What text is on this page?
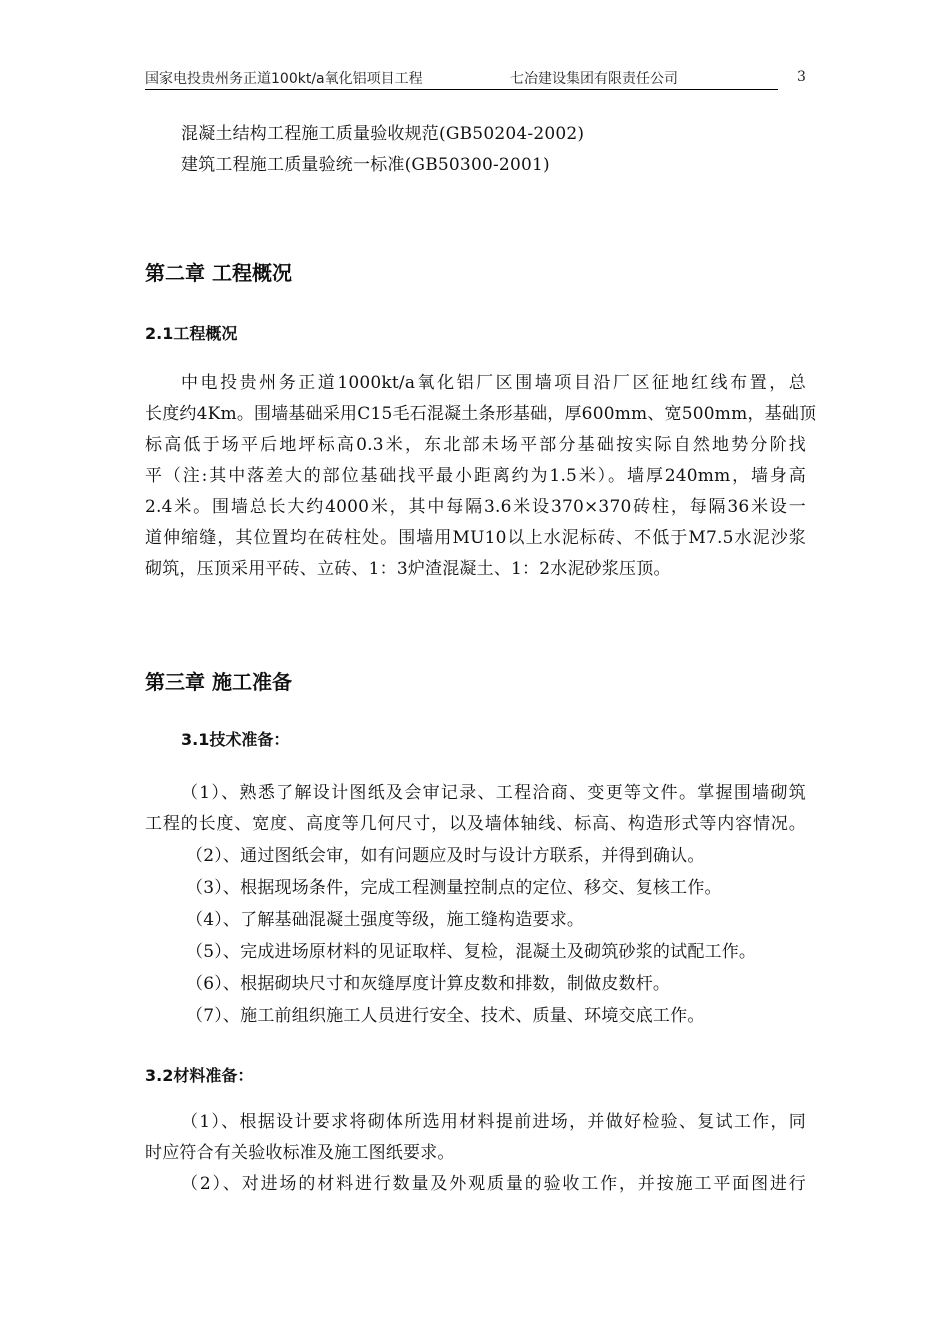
国家电投贵州务正道100kt/a氧化铝项目工程	七冶建设集团有限责任公司	3
混凝土结构工程施工质量验收规范(GB50204-2002)
建筑工程施工质量验统一标准(GB50300-2001)
第二章 工程概况
2.1工程概况
中电投贵州务正道1000kt/a氧化铝厂区围墙项目沿厂区征地红线布置，总
长度约4Km。围墙基础采用C15毛石混凝土条形基础，厚600mm、宽500mm，基础顶
标高低于场平后地坪标高0.3米，东北部未场平部分基础按实际自然地势分阶找
平（注:其中落差大的部位基础找平最小距离约为1.5米）。墙厚240mm，墙身高
2.4米。围墙总长大约4000米，其中每隔3.6米设370×370砖柱，每隔36米设一
道伸缩缝，其位置均在砖柱处。围墙用MU10以上水泥标砖、不低于M7.5水泥沙浆
砌筑，压顶采用平砖、立砖、1：3炉渣混凝土、1：2水泥砂浆压顶。
第三章 施工准备
3.1技术准备：
（1）、熟悉了解设计图纸及会审记录、工程洽商、变更等文件。掌握围墙砌筑
工程的长度、宽度、高度等几何尺寸，以及墙体轴线、标高、构造形式等内容情况。
（2）、通过图纸会审，如有问题应及时与设计方联系，并得到确认。
（3）、根据现场条件，完成工程测量控制点的定位、移交、复核工作。
（4）、了解基础混凝土强度等级，施工缝构造要求。
（5）、完成进场原材料的见证取样、复检，混凝土及砌筑砂浆的试配工作。
（6）、根据砌块尺寸和灰缝厚度计算皮数和排数，制做皮数杆。
（7）、施工前组织施工人员进行安全、技术、质量、环境交底工作。
3.2材料准备：
（1）、根据设计要求将砌体所选用材料提前进场，并做好检验、复试工作，同
时应符合有关验收标准及施工图纸要求。
（2）、对进场的材料进行数量及外观质量的验收工作，并按施工平面图进行
